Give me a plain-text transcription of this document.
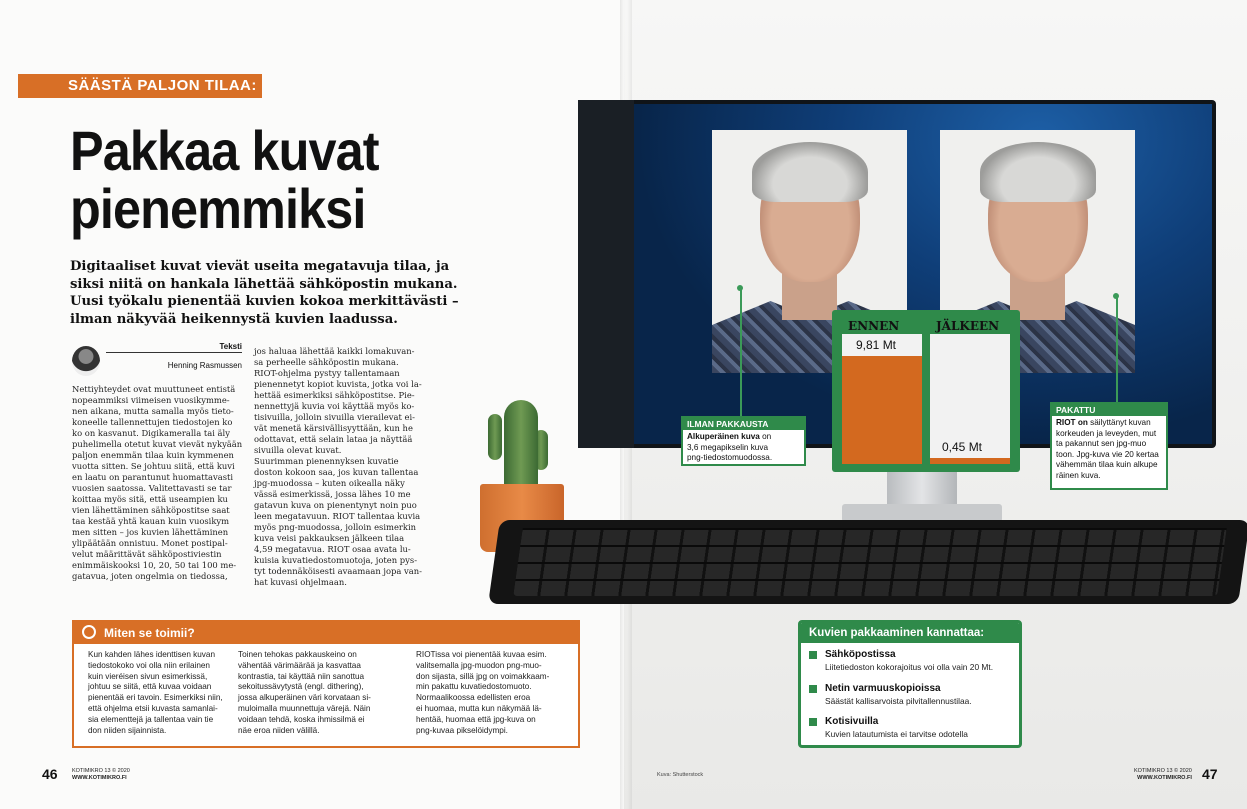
SÄÄSTÄ PALJON TILAA:
Pakkaa kuvat
pienemmiksi
Digitaaliset kuvat vievät useita megatavuja tilaa, ja
siksi niitä on hankala lähettää sähköpostin mukana.
Uusi työkalu pienentää kuvien kokoa merkittävästi –
ilman näkyvää heikennystä kuvien laadussa.
Teksti
Henning Rasmussen
Nettiyhteydet ovat muuttuneet entistä
nopeammiksi viimeisen vuosikymme-
nen aikana, mutta samalla myös tieto-
koneelle tallennettujen tiedostojen ko
ko on kasvanut. Digikameralla tai äly
puhelimella otetut kuvat vievät nykyään
paljon enemmän tilaa kuin kymmenen
vuotta sitten. Se johtuu siitä, että kuvi
en laatu on parantunut huomattavasti
vuosien saatossa. Valitettavasti se tar
koittaa myös sitä, että useampien ku
vien lähettäminen sähköpostitse saat
taa kestää yhtä kauan kuin vuosikym
men sitten – jos kuvien lähettäminen
ylipäätään onnistuu. Monet postipal-
velut määrittävät sähköpostiviestin
enimmäiskooksi 10, 20, 50 tai 100 me-
gatavua, joten ongelmia on tiedossa,
jos haluaa lähettää kaikki lomakuvan-
sa perheelle sähköpostin mukana.
RIOT-ohjelma pystyy tallentamaan
pienennetyt kopiot kuvista, jotka voi la-
hettää esimerkiksi sähköpostitse. Pie-
nennettyjä kuvia voi käyttää myös ko-
tisivuilla, jolloin sivuilla vierailevat ei-
vät menetä kärsivällisyyttään, kun he
odottavat, että selain lataa ja näyttää
sivuilla olevat kuvat.
Suurimman pienennyksen kuvatie
doston kokoon saa, jos kuvan tallentaa
jpg-muodossa – kuten oikealla näky
vässä esimerkissä, jossa lähes 10 me
gatavun kuva on pienentynyt noin puo
leen megatavuun. RIOT tallentaa kuvia
myös png-muodossa, jolloin esimerkin
kuva veisi pakkauksen jälkeen tilaa
4,59 megatavua. RIOT osaa avata lu-
kuisia kuvatiedostomuotoja, joten pys-
tyt todennäköisesti avaamaan jopa van-
hat kuvasi ohjelmaan.
ENNEN	JÄLKEEN
9,81 Mt
0,45 Mt
ILMAN PAKKAUSTA
Alkuperäinen kuva on
3,6 megapikselin kuva
png-tiedostomuodossa.
PAKATTU
RIOT on säilyttänyt kuvan
korkeuden ja leveyden, mut
ta pakannut sen jpg-muo
toon. Jpg-kuva vie 20 kertaa
vähemmän tilaa kuin alkupe
räinen kuva.
Miten se toimii?
Kun kahden lähes identtisen kuvan
tiedostokoko voi olla niin erilainen
kuin vieréisen sivun esimerkissä,
johtuu se siitä, että kuvaa voidaan
pienentää eri tavoin. Esimerkiksi niin,
että ohjelma etsii kuvasta samanlai-
sia elementtejä ja tallentaa vain tie
don niiden sijainnista.
Toinen tehokas pakkauskeino on
vähentää värimäärää ja kasvattaa
kontrastia, tai käyttää niin sanottua
sekoitussävytystä (engl. dithering),
jossa alkuperäinen väri korvataan si-
muloimalla muunnettuja värejä. Näin
voidaan tehdä, koska ihmissilmä ei
näe eroa niiden välillä.
RIOTissa voi pienentää kuvaa esim.
valitsemalla jpg-muodon png-muo-
don sijasta, sillä jpg on voimakkaam-
min pakattu kuvatiedostomuoto.
Normaalikoossa edellisten eroa
ei huomaa, mutta kun näkymää lä-
hentää, huomaa että jpg-kuva on
png-kuvaa pikselöidympi.
Kuvien pakkaaminen kannattaa:
Sähköpostissa
Liitetiedoston kokorajoitus voi olla vain 20 Mt.
Netin varmuuskopioissa
Säästät kallisarvoista pilvitallennustilaa.
Kotisivuilla
Kuvien latautumista ei tarvitse odotella
46	KOTIMIKRO 13 © 2020
WWW.KOTIMIKRO.FI	Kuva: Shutterstock
KOTIMIKRO 13 © 2020
WWW.KOTIMIKRO.FI 47
